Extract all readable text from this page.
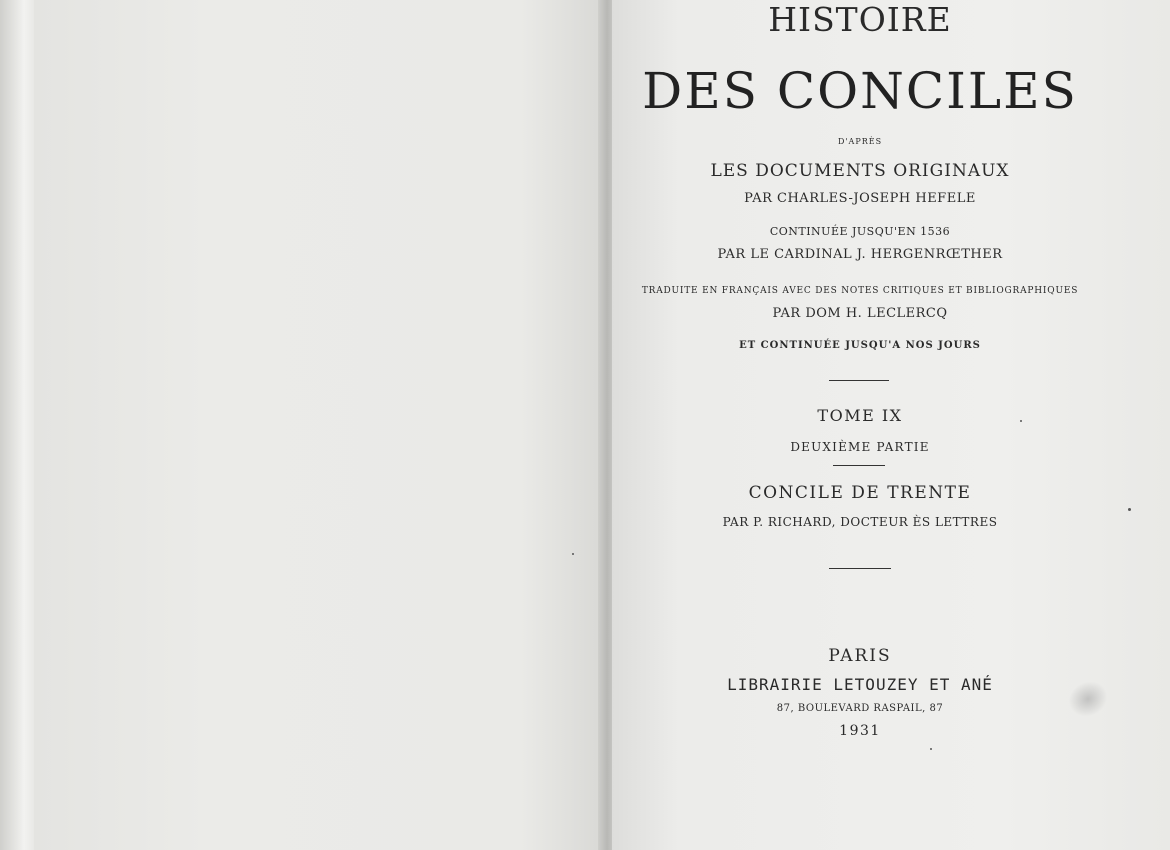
HISTOIRE
DES CONCILES
D'APRÈS
LES DOCUMENTS ORIGINAUX
PAR CHARLES-JOSEPH HEFELE
CONTINUÉE JUSQU'EN 1536
PAR LE CARDINAL J. HERGENRŒTHER
TRADUITE EN FRANÇAIS AVEC DES NOTES CRITIQUES ET BIBLIOGRAPHIQUES
PAR DOM H. LECLERCQ
ET CONTINUÉE JUSQU'A NOS JOURS
TOME IX
DEUXIÈME PARTIE
CONCILE DE TRENTE
PAR P. RICHARD, DOCTEUR ÈS LETTRES
PARIS
LIBRAIRIE LETOUZEY ET ANÉ
87, BOULEVARD RASPAIL, 87
1931
